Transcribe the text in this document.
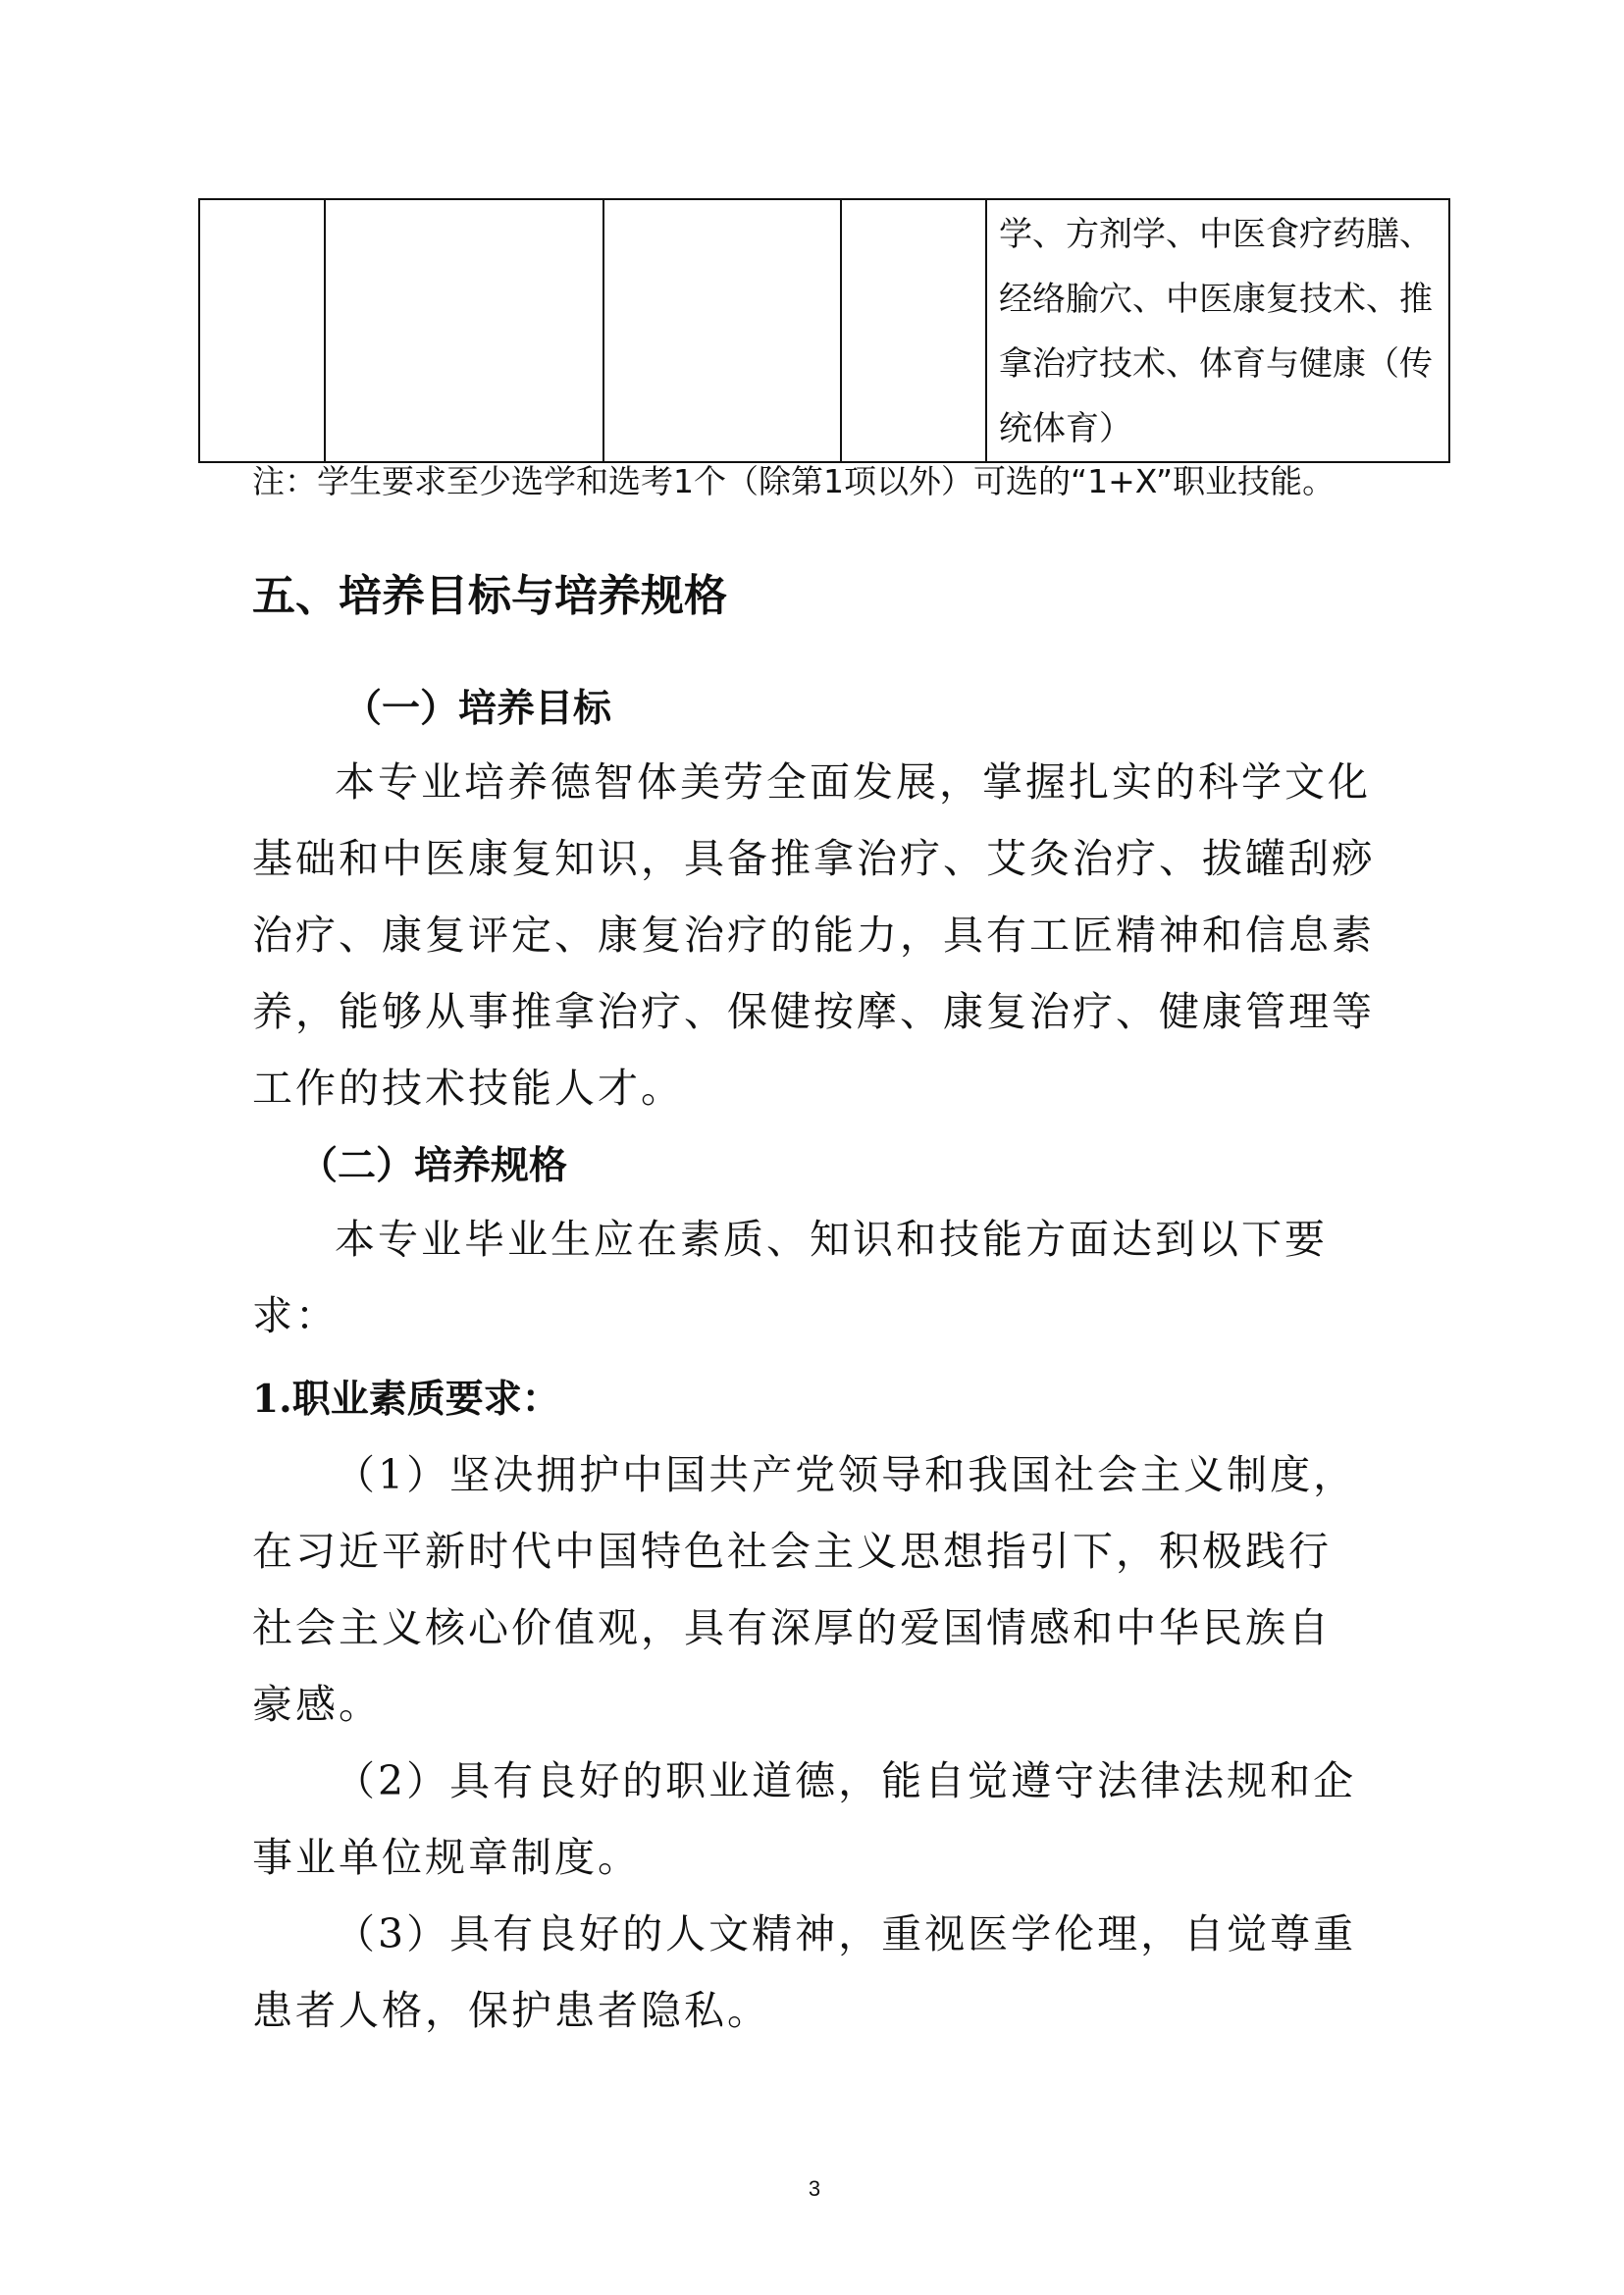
学、方剂学、中医食疗药膳、
经络腧穴、中医康复技术、推
拿治疗技术、体育与健康（传
统体育）
注：学生要求至少选学和选考1个（除第1项以外）可选的“1+X”职业技能。
五、培养目标与培养规格
（一）培养目标
本专业培养德智体美劳全面发展，掌握扎实的科学文化
基础和中医康复知识，具备推拿治疗、艾灸治疗、拔罐刮痧
治疗、康复评定、康复治疗的能力，具有工匠精神和信息素
养，能够从事推拿治疗、保健按摩、康复治疗、健康管理等
工作的技术技能人才。
（二）培养规格
本专业毕业生应在素质、知识和技能方面达到以下要
求：
1.职业素质要求：
（1）坚决拥护中国共产党领导和我国社会主义制度，
在习近平新时代中国特色社会主义思想指引下，积极践行
社会主义核心价值观，具有深厚的爱国情感和中华民族自
豪感。
（2）具有良好的职业道德，能自觉遵守法律法规和企
事业单位规章制度。
（3）具有良好的人文精神，重视医学伦理，自觉尊重
患者人格，保护患者隐私。
3
